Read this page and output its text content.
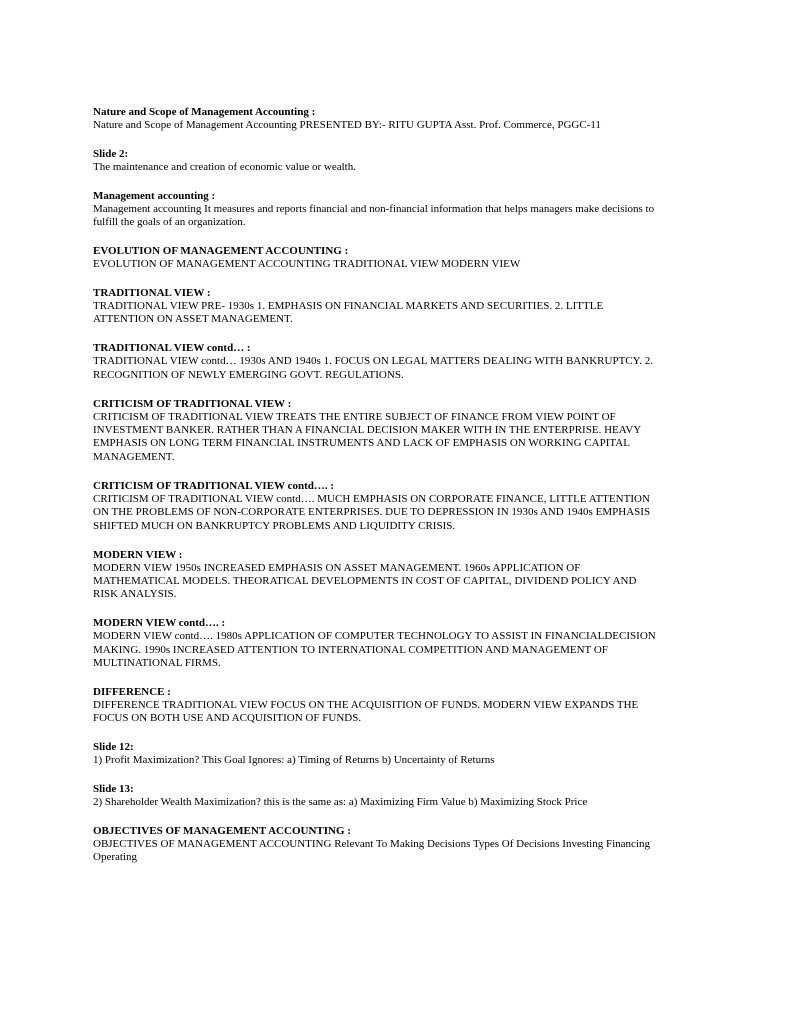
Nature and Scope of Management Accounting :

Nature and Scope of Management Accounting PRESENTED BY:- RITU GUPTA Asst. Prof. Commerce, PGGC-11

Slide 2:

The maintenance and creation of economic value or wealth.

Management accounting :

Management accounting It measures and reports financial and non-financial information that helps managers make decisions to
fulfill the goals of an organization.

EVOLUTION OF MANAGEMENT ACCOUNTING :

EVOLUTION OF MANAGEMENT ACCOUNTING TRADITIONAL VIEW MODERN VIEW

TRADITIONAL VIEW :

TRADITIONAL VIEW PRE- 1930s 1. EMPHASIS ON FINANCIAL MARKETS AND SECURITIES. 2. LITTLE
ATTENTION ON ASSET MANAGEMENT.

TRADITIONAL VIEW contd… :

TRADITIONAL VIEW contd… 1930s AND 1940s 1. FOCUS ON LEGAL MATTERS DEALING WITH BANKRUPTCY. 2.
RECOGNITION OF NEWLY EMERGING GOVT. REGULATIONS.

CRITICISM OF TRADITIONAL VIEW :

CRITICISM OF TRADITIONAL VIEW TREATS THE ENTIRE SUBJECT OF FINANCE FROM VIEW POINT OF
INVESTMENT BANKER. RATHER THAN A FINANCIAL DECISION MAKER WITH IN THE ENTERPRISE. HEAVY
EMPHASIS ON LONG TERM FINANCIAL INSTRUMENTS AND LACK OF EMPHASIS ON WORKING CAPITAL
MANAGEMENT.

CRITICISM OF TRADITIONAL VIEW contd…. :

CRITICISM OF TRADITIONAL VIEW contd…. MUCH EMPHASIS ON CORPORATE FINANCE, LITTLE ATTENTION
ON THE PROBLEMS OF NON-CORPORATE ENTERPRISES. DUE TO DEPRESSION IN 1930s AND 1940s EMPHASIS
SHIFTED MUCH ON BANKRUPTCY PROBLEMS AND LIQUIDITY CRISIS.

MODERN VIEW :

MODERN VIEW 1950s INCREASED EMPHASIS ON ASSET MANAGEMENT. 1960s APPLICATION OF
MATHEMATICAL MODELS. THEORATICAL DEVELOPMENTS IN COST OF CAPITAL, DIVIDEND POLICY AND
RISK ANALYSIS.

MODERN VIEW contd…. :

MODERN VIEW contd…. 1980s APPLICATION OF COMPUTER TECHNOLOGY TO ASSIST IN FINANCIALDECISION
MAKING. 1990s INCREASED ATTENTION TO INTERNATIONAL COMPETITION AND MANAGEMENT OF
MULTINATIONAL FIRMS.

DIFFERENCE :

DIFFERENCE TRADITIONAL VIEW FOCUS ON THE ACQUISITION OF FUNDS. MODERN VIEW EXPANDS THE
FOCUS ON BOTH USE AND ACQUISITION OF FUNDS.

Slide 12:

1) Profit Maximization? This Goal Ignores: a) Timing of Returns b) Uncertainty of Returns

Slide 13:

2) Shareholder Wealth Maximization? this is the same as: a) Maximizing Firm Value b) Maximizing Stock Price

OBJECTIVES OF MANAGEMENT ACCOUNTING :

OBJECTIVES OF MANAGEMENT ACCOUNTING Relevant To Making Decisions Types Of Decisions Investing Financing
Operating
